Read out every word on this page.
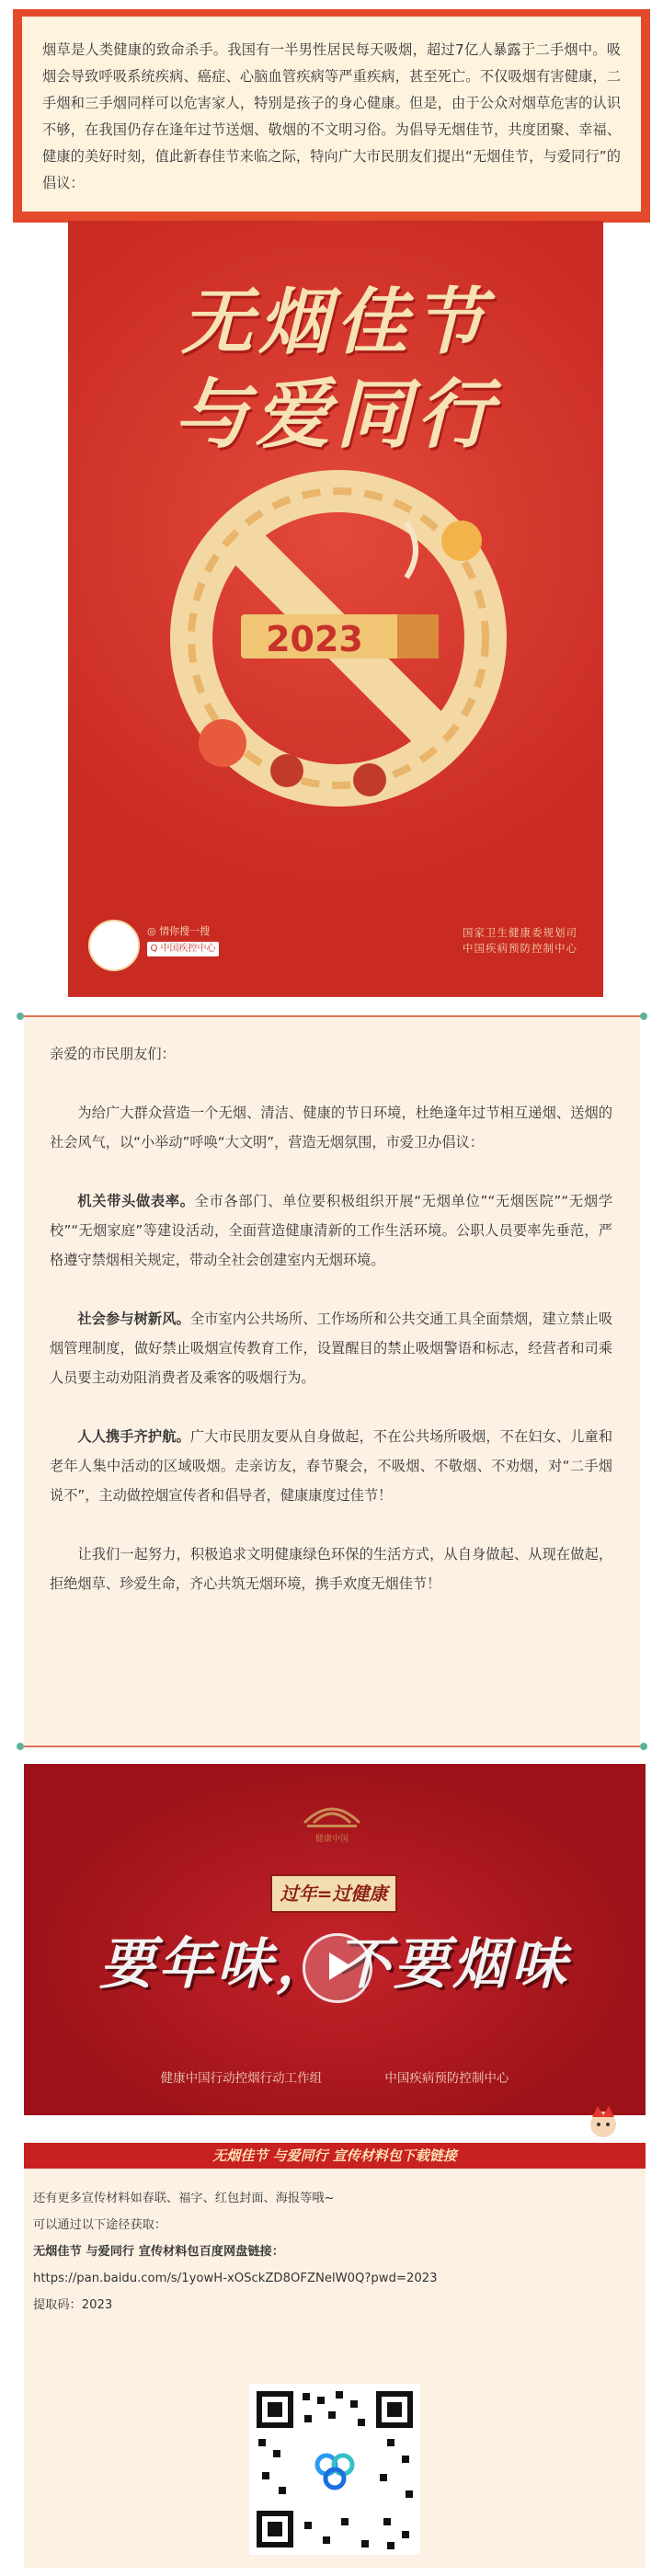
烟草是人类健康的致命杀手。我国有一半男性居民每天吸烟，超过7亿人暴露于二手烟中。吸烟会导致呼吸系统疾病、癌症、心脑血管疾病等严重疾病，甚至死亡。不仅吸烟有害健康，二手烟和三手烟同样可以危害家人，特别是孩子的身心健康。但是，由于公众对烟草危害的认识不够，在我国仍存在逢年过节送烟、敬烟的不文明习俗。为倡导无烟佳节，共度团聚、幸福、健康的美好时刻，值此新春佳节来临之际，特向广大市民朋友们提出“无烟佳节，与爱同行”的倡议：
无烟佳节
与爱同行
2023
◎ 情你搜一搜
Q 中国疾控中心
国家卫生健康委规划司
中国疾病预防控制中心

亲爱的市民朋友们：

为给广大群众营造一个无烟、清洁、健康的节日环境，杜绝逢年过节相互递烟、送烟的社会风气，以“小举动”呼唤“大文明”，营造无烟氛围，市爱卫办倡议：

机关带头做表率。全市各部门、单位要积极组织开展“无烟单位”“无烟医院”“无烟学校”“无烟家庭”等建设活动，全面营造健康清新的工作生活环境。公职人员要率先垂范，严格遵守禁烟相关规定，带动全社会创建室内无烟环境。

社会参与树新风。全市室内公共场所、工作场所和公共交通工具全面禁烟，建立禁止吸烟管理制度，做好禁止吸烟宣传教育工作，设置醒目的禁止吸烟警语和标志，经营者和司乘人员要主动劝阻消费者及乘客的吸烟行为。

人人携手齐护航。广大市民朋友要从自身做起，不在公共场所吸烟，不在妇女、儿童和老年人集中活动的区域吸烟。走亲访友，春节聚会，不吸烟、不敬烟、不劝烟，对“二手烟说不”，主动做控烟宣传者和倡导者，健康康度过佳节！

让我们一起努力，积极追求文明健康绿色环保的生活方式，从自身做起、从现在做起，拒绝烟草、珍爱生命，齐心共筑无烟环境，携手欢度无烟佳节！

健康中国
过年=过健康
要年味，不要烟味
健康中国行动控烟行动工作组	中国疾病预防控制中心
无烟佳节 与爱同行 宣传材料包下载链接

还有更多宣传材料如春联、福字、红包封面、海报等哦~

可以通过以下途径获取：

无烟佳节 与爱同行 宣传材料包百度网盘链接：

https://pan.baidu.com/s/1yowH-xOSckZD8OFZNelW0Q?pwd=2023

提取码：2023
